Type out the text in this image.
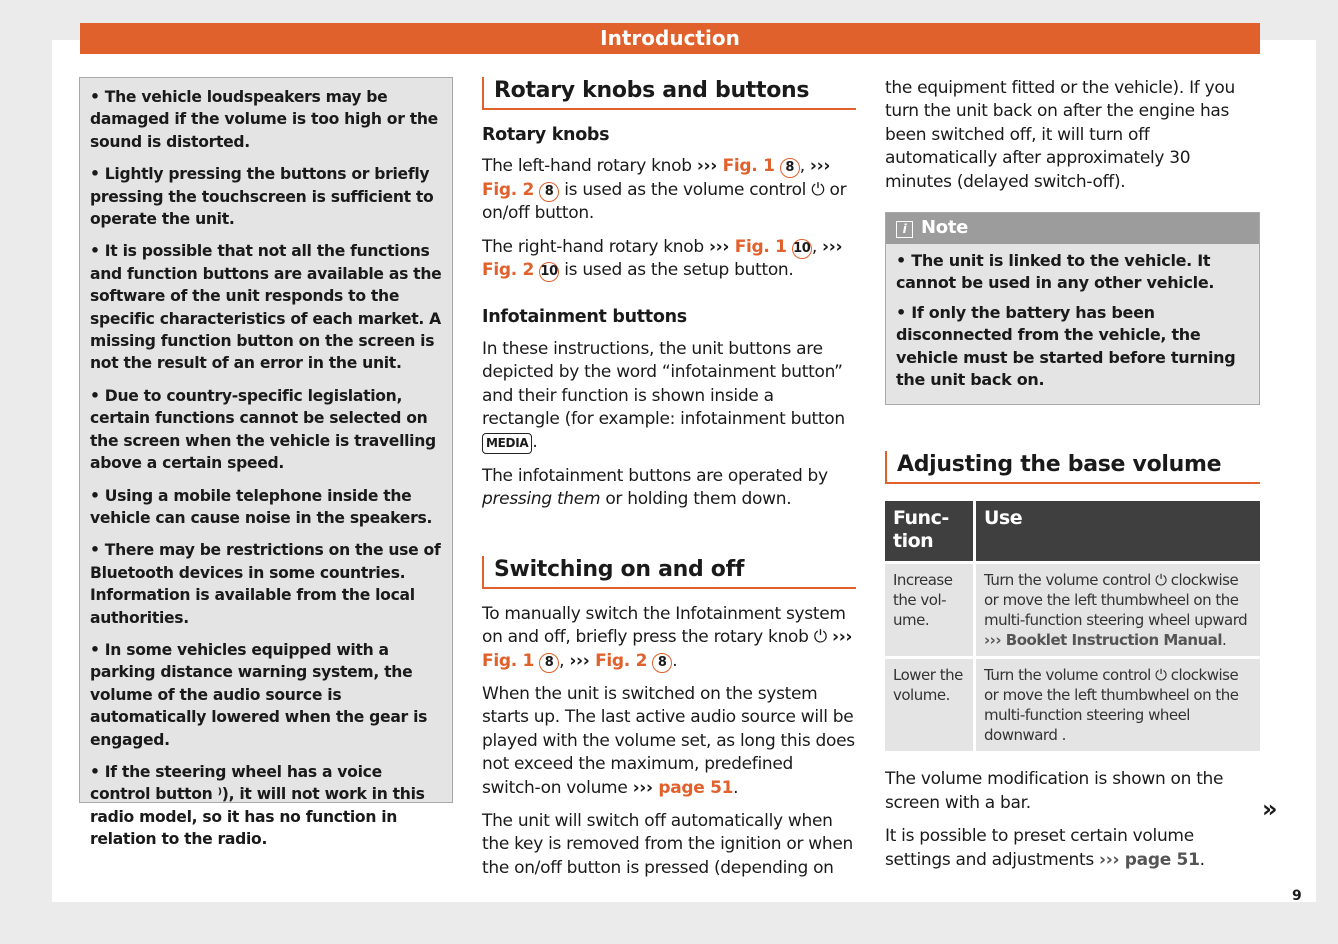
Introduction

• The vehicle loudspeakers may be damaged if the volume is too high or the sound is distorted.

• Lightly pressing the buttons or briefly pressing the touchscreen is sufficient to operate the unit.

• It is possible that not all the functions and function buttons are available as the software of the unit responds to the specific characteristics of each market. A missing function button on the screen is not the result of an error in the unit.

• Due to country-specific legislation, certain functions cannot be selected on the screen when the vehicle is travelling above a certain speed.

• Using a mobile telephone inside the vehicle can cause noise in the speakers.

• There may be restrictions on the use of Bluetooth devices in some countries. Information is available from the local authorities.

• In some vehicles equipped with a parking distance warning system, the volume of the audio source is automatically lowered when the gear is engaged.

• If the steering wheel has a voice control button ⁾), it will not work in this radio model, so it has no function in relation to the radio.

Rotary knobs and buttons
Rotary knobs

The left-hand rotary knob ››› Fig. 1 8 , ››› Fig. 2 8 is used as the volume control ⏻ or on/off button.

The right-hand rotary knob ››› Fig. 1 10, ››› Fig. 2 10 is used as the setup button.

Infotainment buttons

In these instructions, the unit buttons are depicted by the word “infotainment button” and their function is shown inside a rectangle (for example: infotainment button MEDIA .

The infotainment buttons are operated by pressing them or holding them down.

Switching on and off

To manually switch the Infotainment system on and off, briefly press the rotary knob ⏻ ››› Fig. 1 8 , ››› Fig. 2 8 .

When the unit is switched on the system starts up. The last active audio source will be played with the volume set, as long this does not exceed the maximum, predefined switch-on volume ››› page 51.

The unit will switch off automatically when the key is removed from the ignition or when the on/off button is pressed (depending on

the equipment fitted or the vehicle). If you turn the unit back on after the engine has been switched off, it will turn off automatically after approximately 30 minutes (delayed switch-off).

i Note

• The unit is linked to the vehicle. It cannot be used in any other vehicle.

• If only the battery has been disconnected from the vehicle, the vehicle must be started before turning the unit back on.

Adjusting the base volume
Func-tion	Use
Increase the vol-ume.	Turn the volume control ⏻ clockwise or move the left thumbwheel on the multi-function steering wheel upward ››› Booklet Instruction Manual.
Lower the volume.	Turn the volume control ⏻ clockwise or move the left thumbwheel on the multi-function steering wheel downward .

The volume modification is shown on the screen with a bar.

It is possible to preset certain volume settings and adjustments ››› page 51.

»
9
